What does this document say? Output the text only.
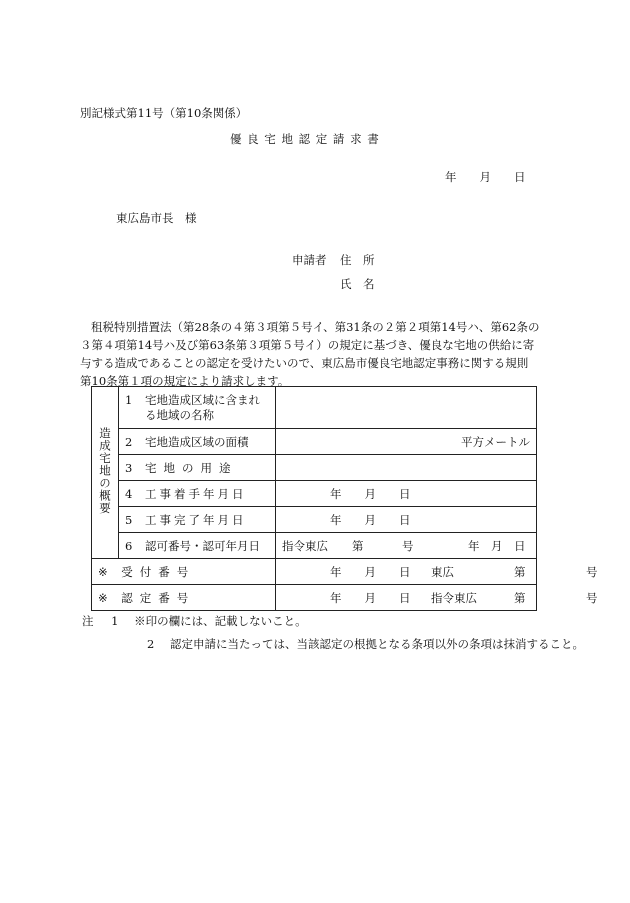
別記様式第11号（第10条関係）
優 良 宅 地 認 定 請 求 書
年　　月　　日
東広島市長　様
申請者 住　所
氏　名
租税特別措置法（第28条の４第３項第５号イ、第31条の２第２項第14号ハ、第62条の
３第４項第14号ハ及び第63条第３項第５号イ）の規定に基づき、優良な宅地の供給に寄
与する造成であることの認定を受けたいので、東広島市優良宅地認定事務に関する規則
第10条第１項の規定により請求します。
造成宅地の概要	1 宅地造成区域に含まれ
る地域の名称	
	2 宅地造成区域の面積	平方メートル

	3 宅地の用途	
	4 工事着手年月日	年　　月　　日

	5 工事完了年月日	年　　月　　日

	6 認可番号・認可年月日	指令東広 第 号 年　月　日

※ 受付番号		年　　月　　日 東広 第 号

※ 認定番号		年　　月　　日 指令東広 第 号
注 1 ※印の欄には、記載しないこと。
2 認定申請に当たっては、当該認定の根拠となる条項以外の条項は抹消すること。
